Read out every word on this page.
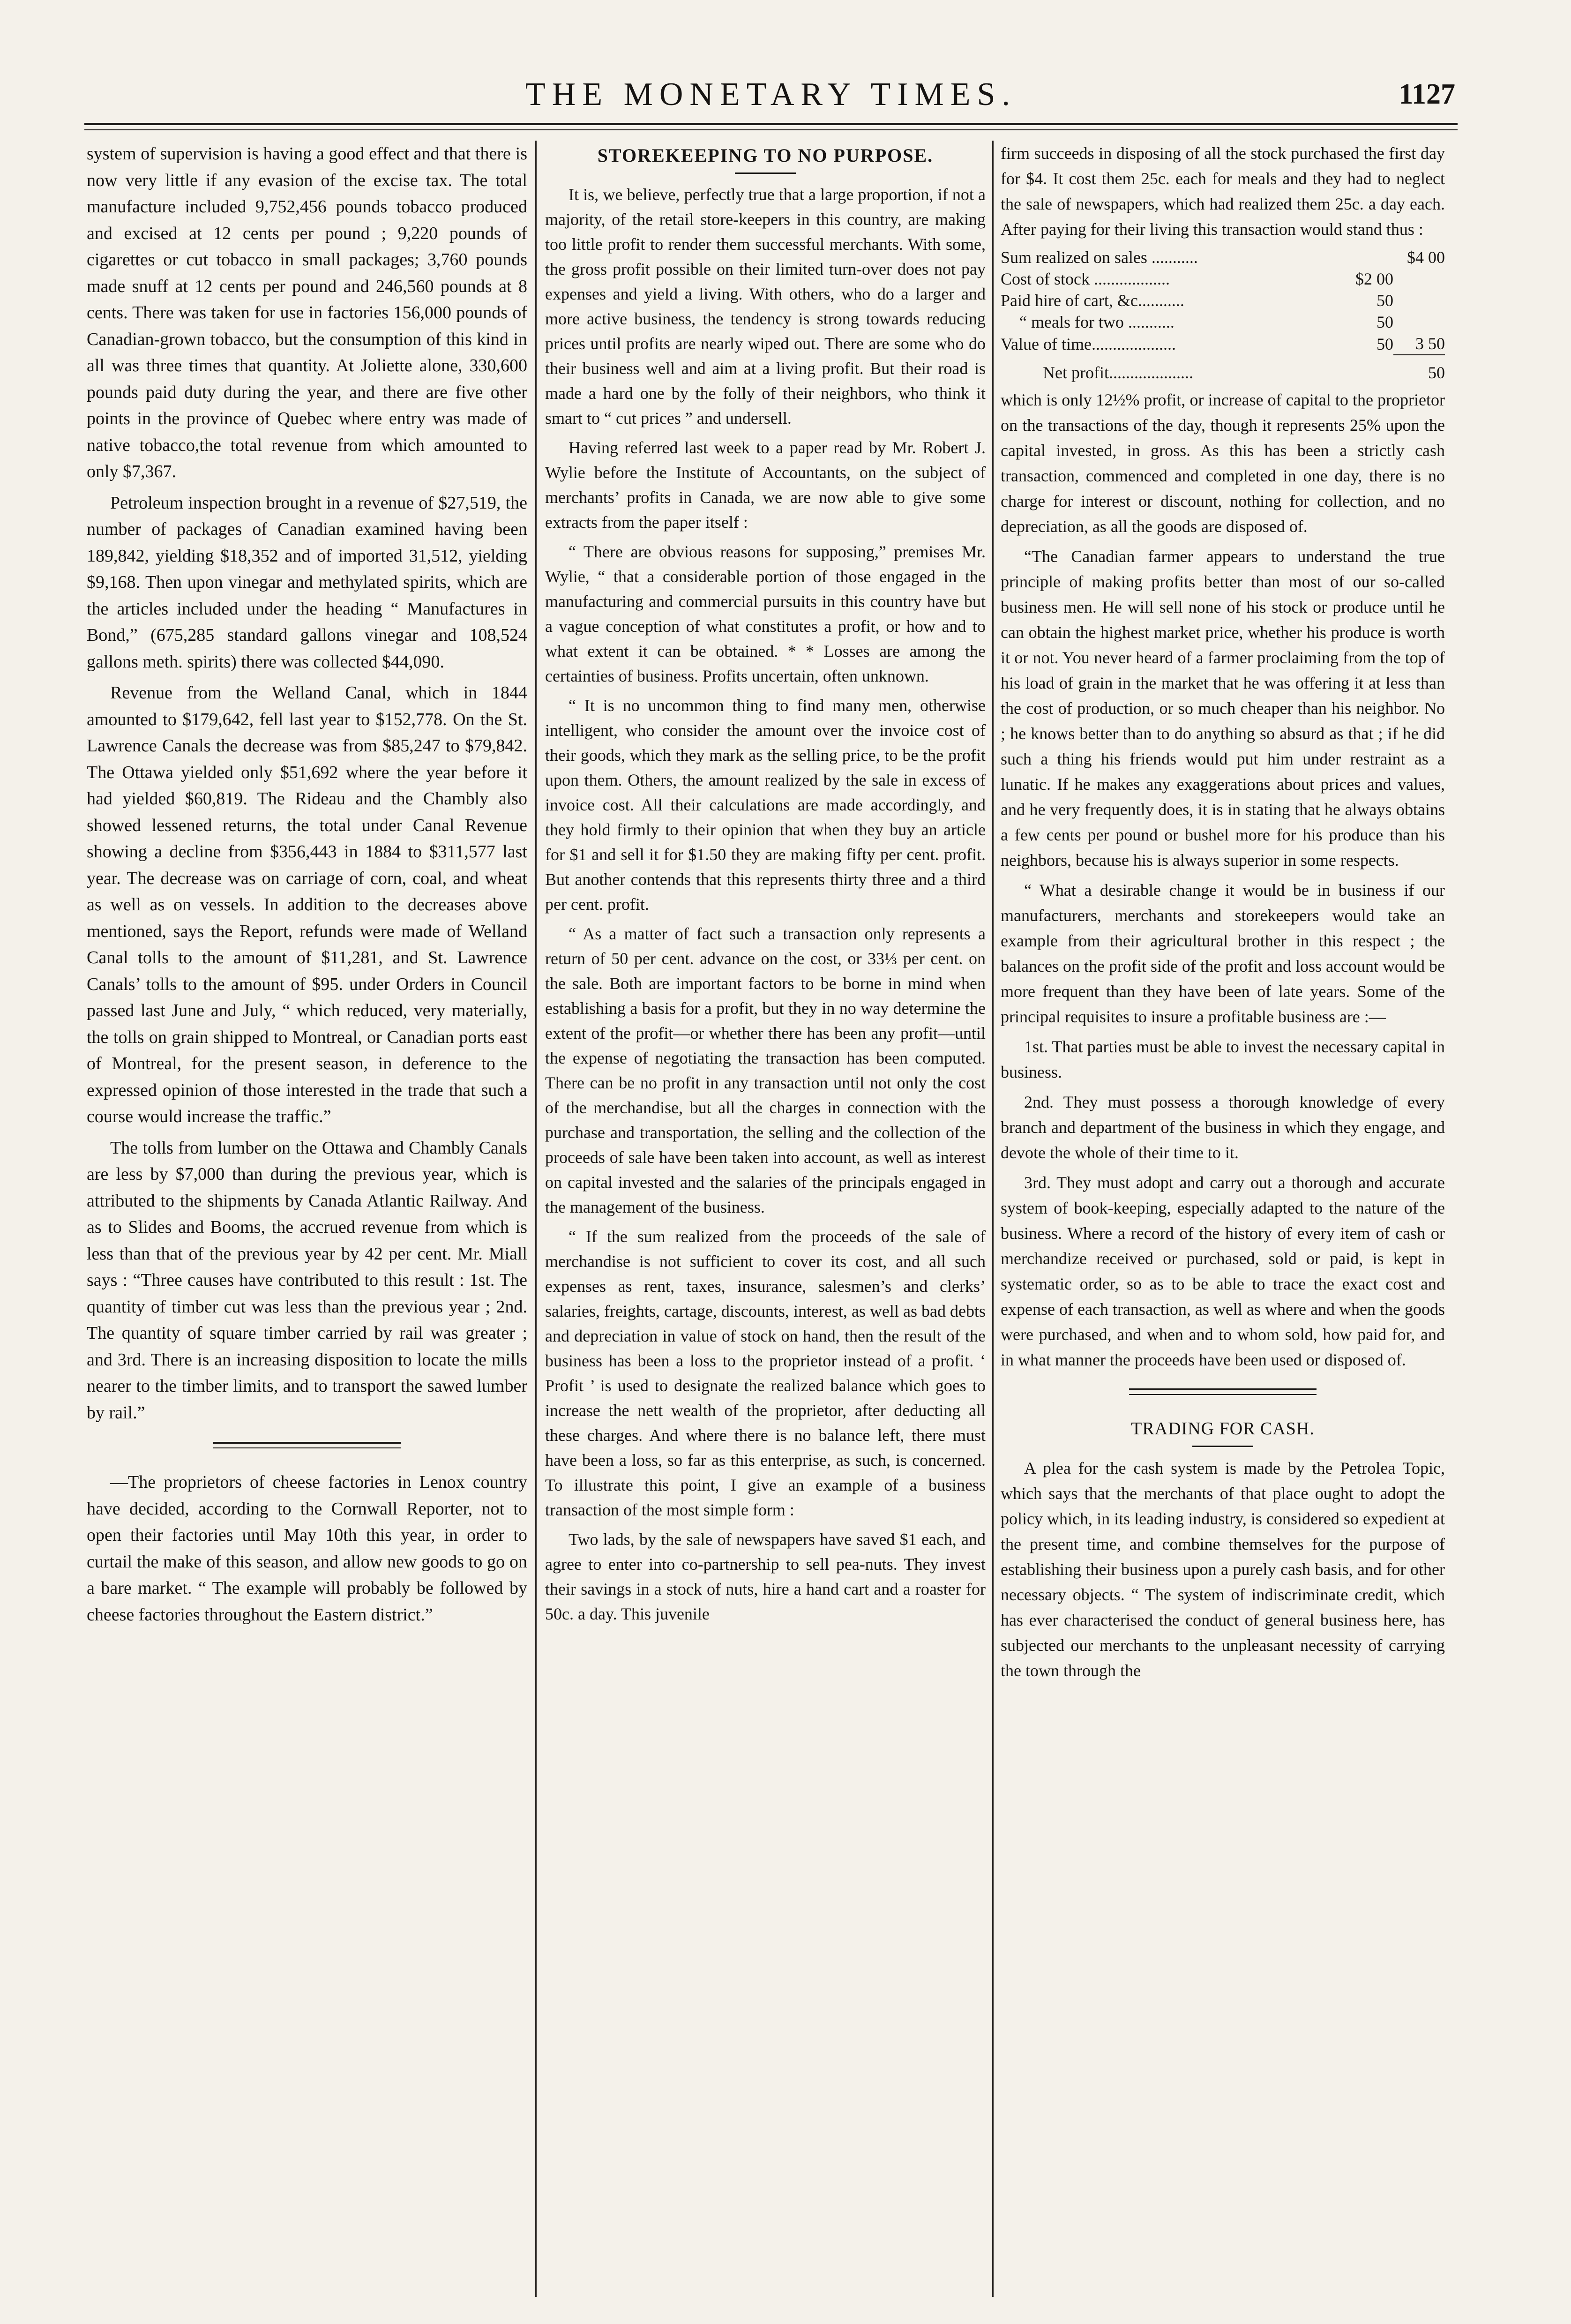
THE MONETARY TIMES.	1127

system of supervision is having a good effect and that there is now very little if any evasion of the excise tax. The total manufacture included 9,752,456 pounds tobacco produced and excised at 12 cents per pound ; 9,220 pounds of cigarettes or cut tobacco in small packages; 3,760 pounds made snuff at 12 cents per pound and 246,560 pounds at 8 cents. There was taken for use in factories 156,000 pounds of Canadian-grown tobacco, but the consumption of this kind in all was three times that quantity. At Joliette alone, 330,600 pounds paid duty during the year, and there are five other points in the province of Quebec where entry was made of native tobacco,the total revenue from which amounted to only $7,367.

Petroleum inspection brought in a revenue of $27,519, the number of packages of Canadian examined having been 189,842, yielding $18,352 and of imported 31,512, yielding $9,168. Then upon vinegar and methylated spirits, which are the articles included under the heading “ Manufactures in Bond,” (675,285 standard gallons vinegar and 108,524 gallons meth. spirits) there was collected $44,090.

Revenue from the Welland Canal, which in 1844 amounted to $179,642, fell last year to $152,778. On the St. Lawrence Canals the decrease was from $85,247 to $79,842. The Ottawa yielded only $51,692 where the year before it had yielded $60,819. The Rideau and the Chambly also showed lessened returns, the total under Canal Revenue showing a decline from $356,443 in 1884 to $311,577 last year. The decrease was on carriage of corn, coal, and wheat as well as on vessels. In addition to the decreases above mentioned, says the Report, refunds were made of Welland Canal tolls to the amount of $11,281, and St. Lawrence Canals’ tolls to the amount of $95. under Orders in Council passed last June and July, “ which reduced, very materially, the tolls on grain shipped to Montreal, or Canadian ports east of Montreal, for the present season, in deference to the expressed opinion of those interested in the trade that such a course would increase the traffic.”

The tolls from lumber on the Ottawa and Chambly Canals are less by $7,000 than during the previous year, which is attributed to the shipments by Canada Atlantic Railway. And as to Slides and Booms, the accrued revenue from which is less than that of the previous year by 42 per cent. Mr. Miall says : “Three causes have contributed to this result : 1st. The quantity of timber cut was less than the previous year ; 2nd. The quantity of square timber carried by rail was greater ; and 3rd. There is an increasing disposition to locate the mills nearer to the timber limits, and to transport the sawed lumber by rail.”

—The proprietors of cheese factories in Lenox country have decided, according to the Cornwall Reporter, not to open their factories until May 10th this year, in order to curtail the make of this season, and allow new goods to go on a bare market. “ The example will probably be followed by cheese factories throughout the Eastern district.”

STOREKEEPING TO NO PURPOSE.

It is, we believe, perfectly true that a large proportion, if not a majority, of the retail store-keepers in this country, are making too little profit to render them successful merchants. With some, the gross profit possible on their limited turn-over does not pay expenses and yield a living. With others, who do a larger and more active business, the tendency is strong towards reducing prices until profits are nearly wiped out. There are some who do their business well and aim at a living profit. But their road is made a hard one by the folly of their neighbors, who think it smart to “ cut prices ” and undersell.

Having referred last week to a paper read by Mr. Robert J. Wylie before the Institute of Accountants, on the subject of merchants’ profits in Canada, we are now able to give some extracts from the paper itself :

“ There are obvious reasons for supposing,” premises Mr. Wylie, “ that a considerable portion of those engaged in the manufacturing and commercial pursuits in this country have but a vague conception of what constitutes a profit, or how and to what extent it can be obtained. * * Losses are among the certainties of business. Profits uncertain, often unknown.

“ It is no uncommon thing to find many men, otherwise intelligent, who consider the amount over the invoice cost of their goods, which they mark as the selling price, to be the profit upon them. Others, the amount realized by the sale in excess of invoice cost. All their calculations are made accordingly, and they hold firmly to their opinion that when they buy an article for $1 and sell it for $1.50 they are making fifty per cent. profit. But another contends that this represents thirty three and a third per cent. profit.

“ As a matter of fact such a transaction only represents a return of 50 per cent. advance on the cost, or 33⅓ per cent. on the sale. Both are important factors to be borne in mind when establishing a basis for a profit, but they in no way determine the extent of the profit—or whether there has been any profit—until the expense of negotiating the transaction has been computed. There can be no profit in any transaction until not only the cost of the merchandise, but all the charges in connection with the purchase and transportation, the selling and the collection of the proceeds of sale have been taken into account, as well as interest on capital invested and the salaries of the principals engaged in the management of the business.

“ If the sum realized from the proceeds of the sale of merchandise is not sufficient to cover its cost, and all such expenses as rent, taxes, insurance, salesmen’s and clerks’ salaries, freights, cartage, discounts, interest, as well as bad debts and depreciation in value of stock on hand, then the result of the business has been a loss to the proprietor instead of a profit. ‘ Profit ’ is used to designate the realized balance which goes to increase the nett wealth of the proprietor, after deducting all these charges. And where there is no balance left, there must have been a loss, so far as this enterprise, as such, is concerned. To illustrate this point, I give an example of a business transaction of the most simple form :

Two lads, by the sale of newspapers have saved $1 each, and agree to enter into co-partnership to sell pea-nuts. They invest their savings in a stock of nuts, hire a hand cart and a roaster for 50c. a day. This juvenile

firm succeeds in disposing of all the stock purchased the first day for $4. It cost them 25c. each for meals and they had to neglect the sale of newspapers, which had realized them 25c. a day each. After paying for their living this transaction would stand thus :

Sum realized on sales ...........		$4 00
Cost of stock ..................	$2 00	
Paid hire of cart, &c...........	50	
“ meals for two ...........	50	
Value of time....................	50	3 50
Net profit....................		50

which is only 12½% profit, or increase of capital to the proprietor on the transactions of the day, though it represents 25% upon the capital invested, in gross. As this has been a strictly cash transaction, commenced and completed in one day, there is no charge for interest or discount, nothing for collection, and no depreciation, as all the goods are disposed of.

“The Canadian farmer appears to understand the true principle of making profits better than most of our so-called business men. He will sell none of his stock or produce until he can obtain the highest market price, whether his produce is worth it or not. You never heard of a farmer proclaiming from the top of his load of grain in the market that he was offering it at less than the cost of production, or so much cheaper than his neighbor. No ; he knows better than to do anything so absurd as that ; if he did such a thing his friends would put him under restraint as a lunatic. If he makes any exaggerations about prices and values, and he very frequently does, it is in stating that he always obtains a few cents per pound or bushel more for his produce than his neighbors, because his is always superior in some respects.

“ What a desirable change it would be in business if our manufacturers, merchants and storekeepers would take an example from their agricultural brother in this respect ; the balances on the profit side of the profit and loss account would be more frequent than they have been of late years. Some of the principal requisites to insure a profitable business are :—

1st. That parties must be able to invest the necessary capital in business.

2nd. They must possess a thorough knowledge of every branch and department of the business in which they engage, and devote the whole of their time to it.

3rd. They must adopt and carry out a thorough and accurate system of book-keeping, especially adapted to the nature of the business. Where a record of the history of every item of cash or merchandize received or purchased, sold or paid, is kept in systematic order, so as to be able to trace the exact cost and expense of each transaction, as well as where and when the goods were purchased, and when and to whom sold, how paid for, and in what manner the proceeds have been used or disposed of.

TRADING FOR CASH.

A plea for the cash system is made by the Petrolea Topic, which says that the merchants of that place ought to adopt the policy which, in its leading industry, is considered so expedient at the present time, and combine themselves for the purpose of establishing their business upon a purely cash basis, and for other necessary objects. “ The system of indiscriminate credit, which has ever characterised the conduct of general business here, has subjected our merchants to the unpleasant necessity of carrying the town through the
